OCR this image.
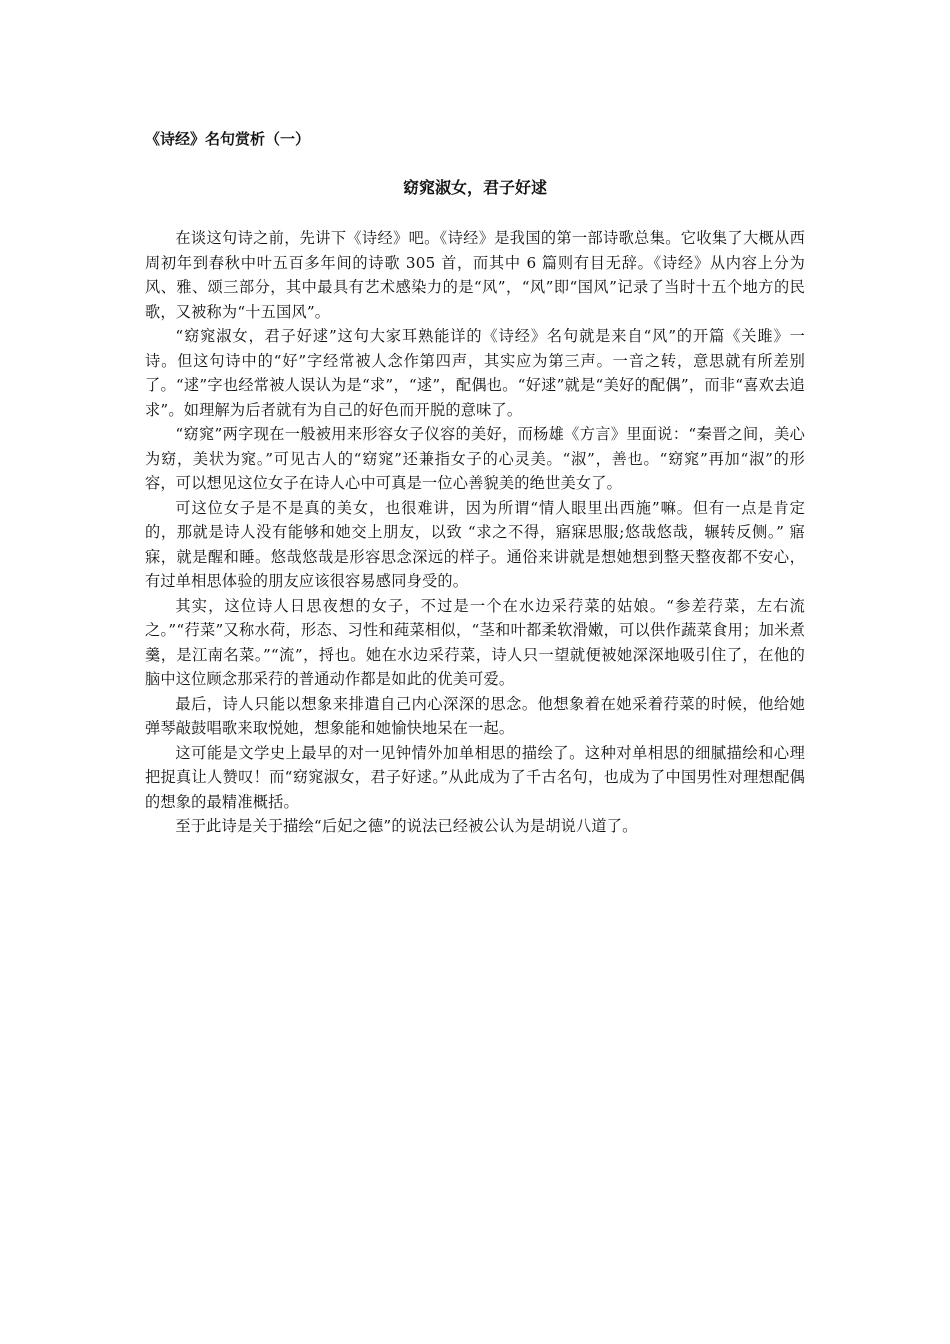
《诗经》名句赏析（一）
窈窕淑女，君子好逑

在谈这句诗之前，先讲下《诗经》吧。《诗经》是我国的第一部诗歌总集。它收集了大概从西周初年到春秋中叶五百多年间的诗歌 305 首，而其中 6 篇则有目无辞。《诗经》从内容上分为风、雅、颂三部分，其中最具有艺术感染力的是“风”，“风”即“国风”记录了当时十五个地方的民歌，又被称为“十五国风”。

“窈窕淑女，君子好逑”这句大家耳熟能详的《诗经》名句就是来自“风”的开篇《关雎》一诗。但这句诗中的“好”字经常被人念作第四声，其实应为第三声。一音之转，意思就有所差别了。“逑”字也经常被人误认为是“求”，“逑”，配偶也。“好逑”就是“美好的配偶”，而非“喜欢去追求”。如理解为后者就有为自己的好色而开脱的意味了。

“窈窕”两字现在一般被用来形容女子仪容的美好，而杨雄《方言》里面说：“秦晋之间，美心为窈，美状为窕。”可见古人的“窈窕”还兼指女子的心灵美。“淑”，善也。“窈窕”再加“淑”的形容，可以想见这位女子在诗人心中可真是一位心善貌美的绝世美女了。

可这位女子是不是真的美女，也很难讲，因为所谓“情人眼里出西施”嘛。但有一点是肯定的，那就是诗人没有能够和她交上朋友，以致 “求之不得，寤寐思服;悠哉悠哉，辗转反侧。” 寤寐，就是醒和睡。悠哉悠哉是形容思念深远的样子。通俗来讲就是想她想到整天整夜都不安心，有过单相思体验的朋友应该很容易感同身受的。

其实，这位诗人日思夜想的女子，不过是一个在水边采荇菜的姑娘。“参差荇菜，左右流之。”“荇菜”又称水荷，形态、习性和莼菜相似，“茎和叶都柔软滑嫩，可以供作蔬菜食用；加米煮羹，是江南名菜。”“流”，捋也。她在水边采荇菜，诗人只一望就便被她深深地吸引住了，在他的脑中这位顾念那采荇的普通动作都是如此的优美可爱。

最后，诗人只能以想象来排遣自己内心深深的思念。他想象着在她采着荇菜的时候，他给她弹琴敲鼓唱歌来取悦她，想象能和她愉快地呆在一起。

这可能是文学史上最早的对一见钟情外加单相思的描绘了。这种对单相思的细腻描绘和心理把捉真让人赞叹！而“窈窕淑女，君子好逑。”从此成为了千古名句，也成为了中国男性对理想配偶的想象的最精准概括。

至于此诗是关于描绘“后妃之德”的说法已经被公认为是胡说八道了。
